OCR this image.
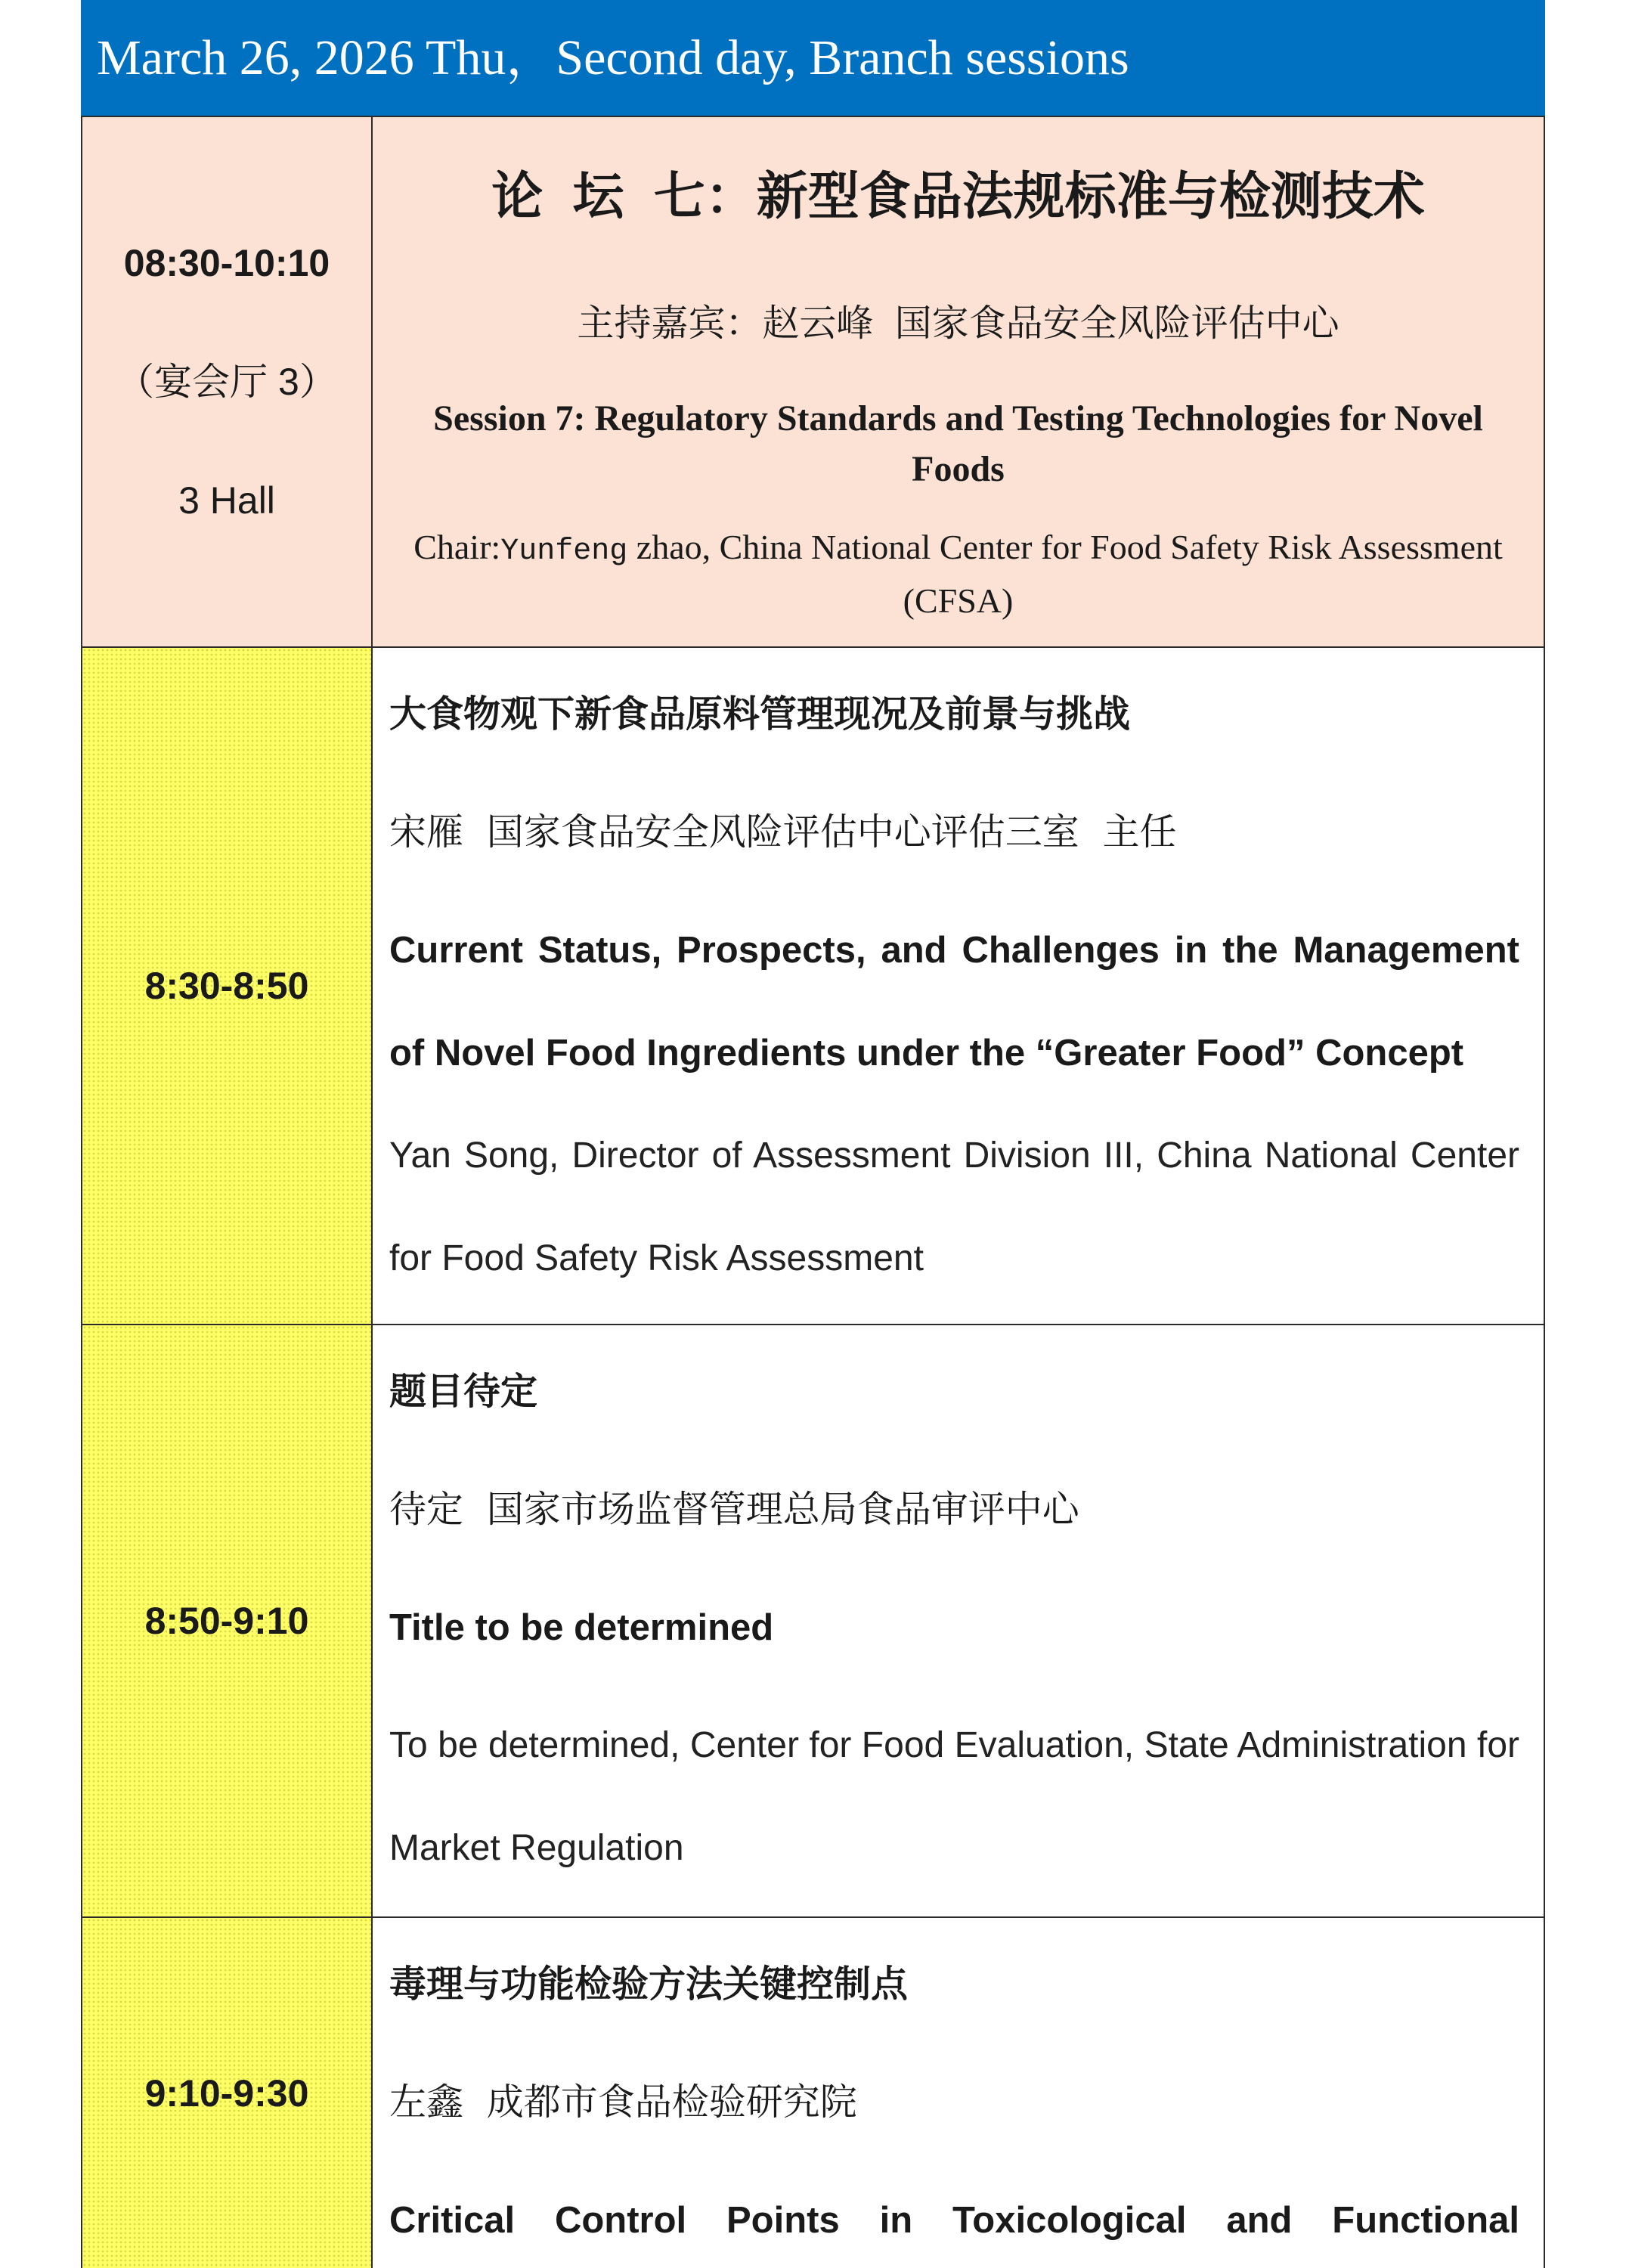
March 26, 2026 Thu，Second day, Branch sessions
08:30-10:10
（宴会厅 3）
3 Hall
论 坛 七：新型食品法规标准与检测技术
主持嘉宾：赵云峰 国家食品安全风险评估中心
Session 7: Regulatory Standards and Testing Technologies for Novel Foods
Chair:Yunfeng zhao, China National Center for Food Safety Risk Assessment (CFSA)
8:30-8:50
大食物观下新食品原料管理现况及前景与挑战
宋雁 国家食品安全风险评估中心评估三室 主任
Current Status, Prospects, and Challenges in the Management of Novel Food Ingredients under the “Greater Food” Concept
Yan Song, Director of Assessment Division III, China National Center for Food Safety Risk Assessment
8:50-9:10
题目待定
待定 国家市场监督管理总局食品审评中心
Title to be determined
To be determined, Center for Food Evaluation, State Administration for Market Regulation
9:10-9:30
毒理与功能检验方法关键控制点
左鑫 成都市食品检验研究院
Critical Control Points in Toxicological and Functional
